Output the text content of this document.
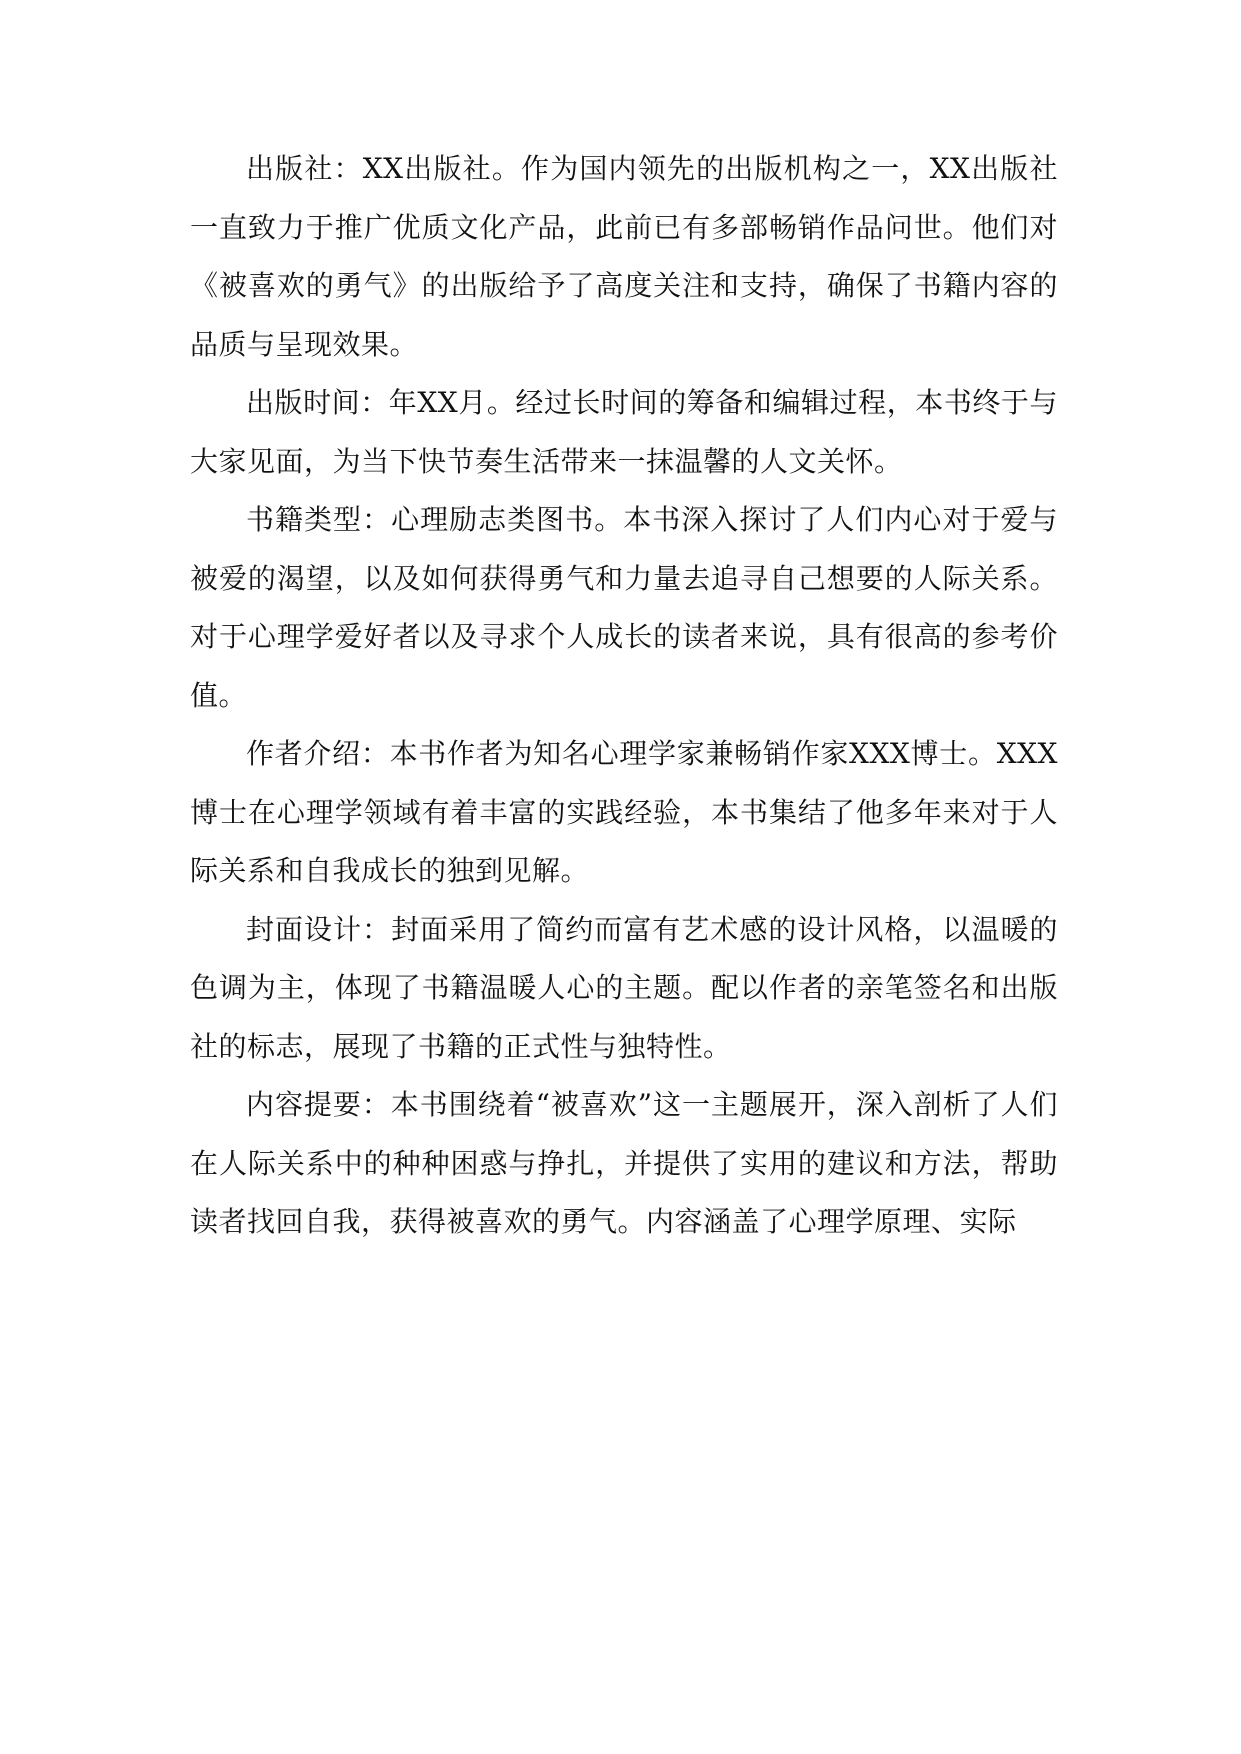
出版社：XX出版社。作为国内领先的出版机构之一，XX出版社一直致力于推广优质文化产品，此前已有多部畅销作品问世。他们对《被喜欢的勇气》的出版给予了高度关注和支持，确保了书籍内容的品质与呈现效果。

出版时间：年XX月。经过长时间的筹备和编辑过程，本书终于与大家见面，为当下快节奏生活带来一抹温馨的人文关怀。

书籍类型：心理励志类图书。本书深入探讨了人们内心对于爱与被爱的渴望，以及如何获得勇气和力量去追寻自己想要的人际关系。对于心理学爱好者以及寻求个人成长的读者来说，具有很高的参考价值。

作者介绍：本书作者为知名心理学家兼畅销作家XXX博士。XXX博士在心理学领域有着丰富的实践经验，本书集结了他多年来对于人际关系和自我成长的独到见解。

封面设计：封面采用了简约而富有艺术感的设计风格，以温暖的色调为主，体现了书籍温暖人心的主题。配以作者的亲笔签名和出版社的标志，展现了书籍的正式性与独特性。

内容提要：本书围绕着“被喜欢”这一主题展开，深入剖析了人们在人际关系中的种种困惑与挣扎，并提供了实用的建议和方法，帮助读者找回自我，获得被喜欢的勇气。内容涵盖了心理学原理、实际
